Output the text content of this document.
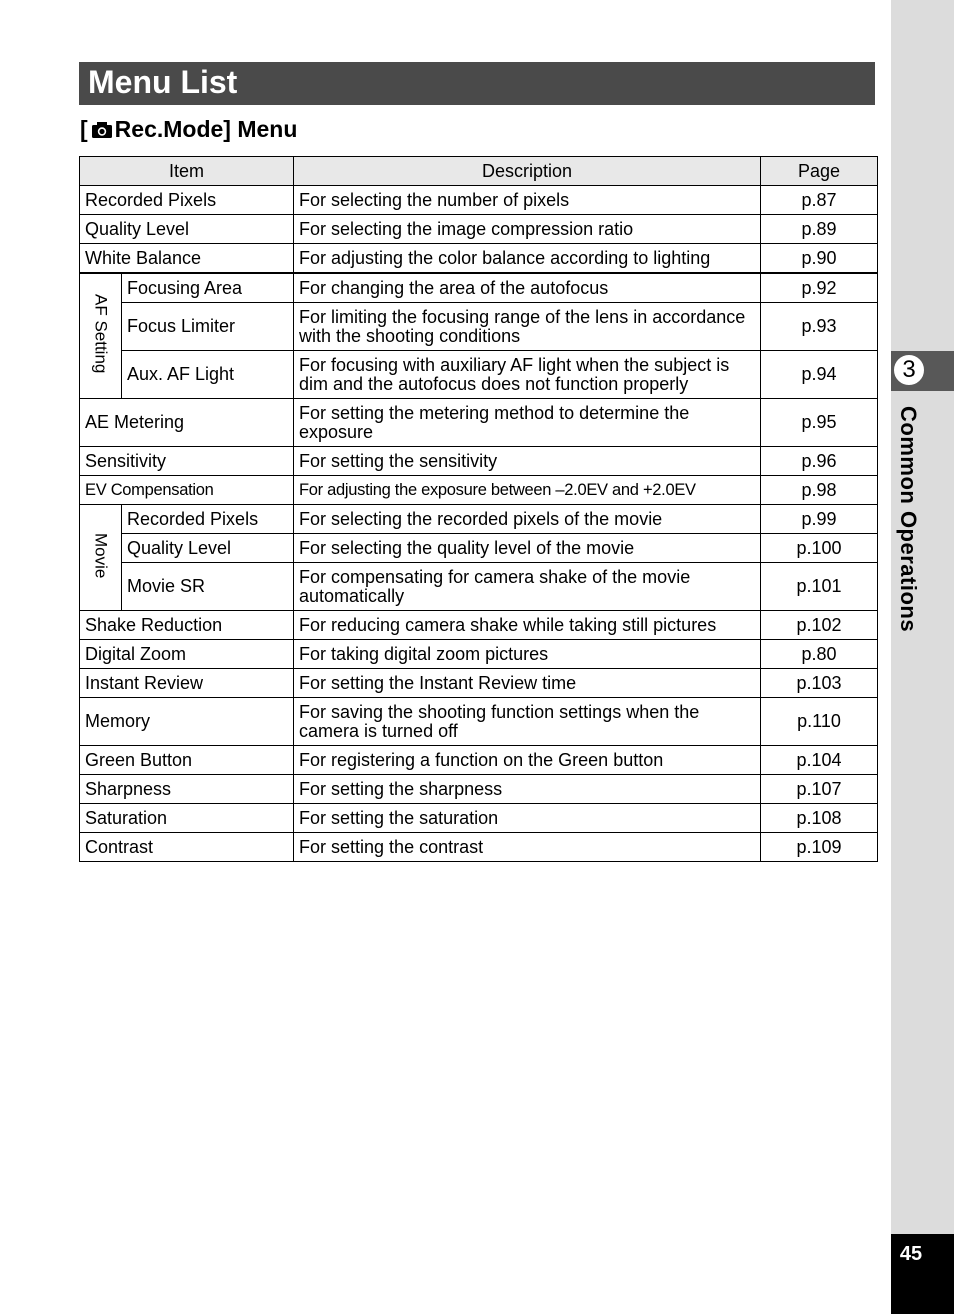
3
Common Operations
45
Menu List
[ Rec.Mode] Menu
Item		Description	Page
Recorded Pixels		For selecting the number of pixels	p.87
Quality Level		For selecting the image compression ratio	p.89
White Balance		For adjusting the color balance according to lighting	p.90
AF Setting	Focusing Area	For changing the area of the autofocus	p.92
	Focus Limiter	For limiting the focusing range of the lens in accordance with the shooting conditions	p.93
	Aux. AF Light	For focusing with auxiliary AF light when the subject is dim and the autofocus does not function properly	p.94
AE Metering		For setting the metering method to determine the exposure	p.95
Sensitivity		For setting the sensitivity	p.96
EV Compensation		For adjusting the exposure between –2.0EV and +2.0EV	p.98
Movie	Recorded Pixels	For selecting the recorded pixels of the movie	p.99
	Quality Level	For selecting the quality level of the movie	p.100
	Movie SR	For compensating for camera shake of the movie automatically	p.101
Shake Reduction		For reducing camera shake while taking still pictures	p.102
Digital Zoom		For taking digital zoom pictures	p.80
Instant Review		For setting the Instant Review time	p.103
Memory		For saving the shooting function settings when the camera is turned off	p.110
Green Button		For registering a function on the Green button	p.104
Sharpness		For setting the sharpness	p.107
Saturation		For setting the saturation	p.108
Contrast		For setting the contrast	p.109
